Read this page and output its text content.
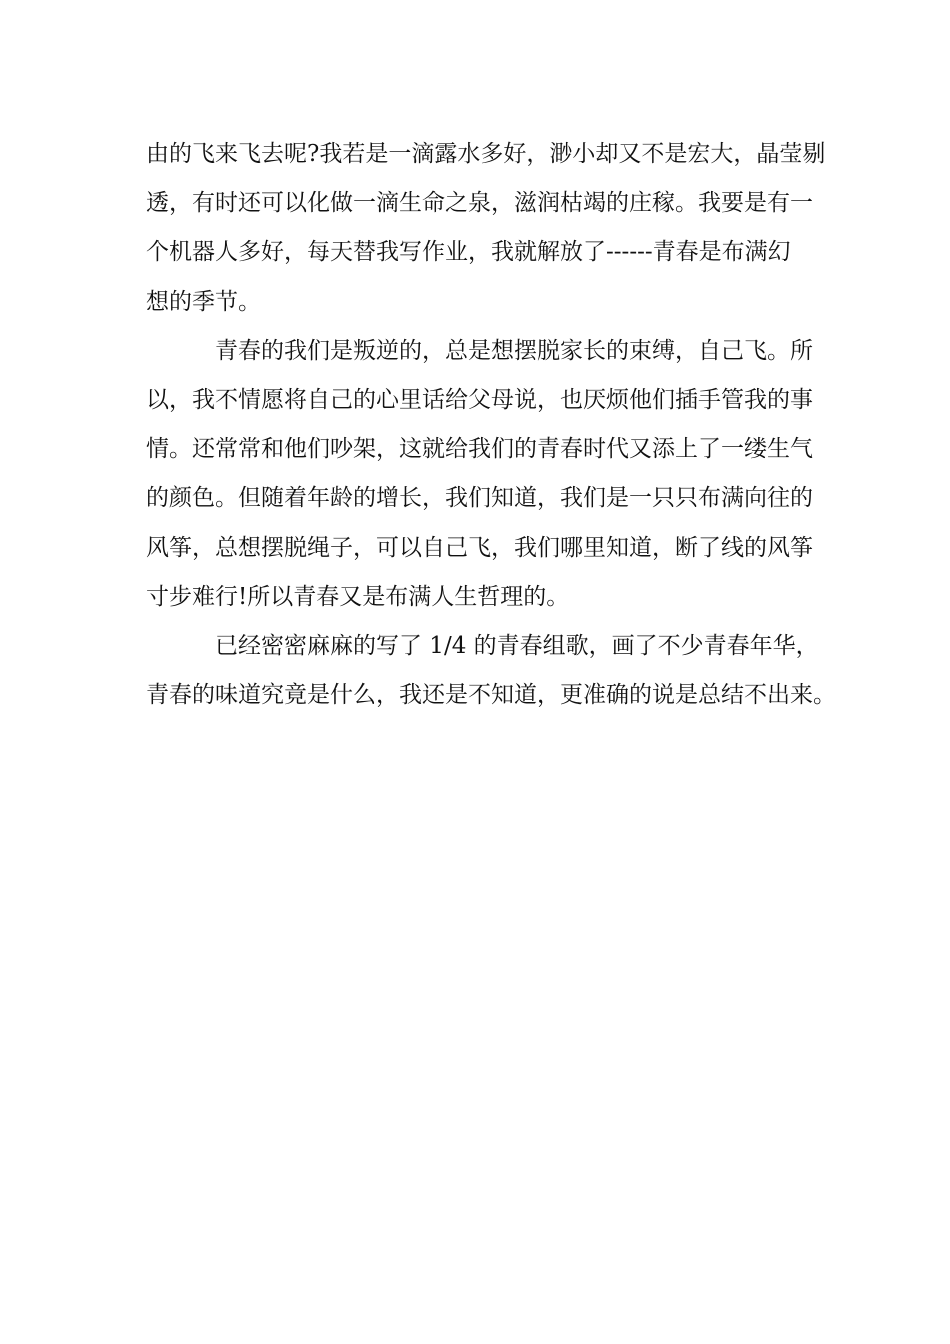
由的飞来飞去呢?我若是一滴露水多好，渺小却又不是宏大，晶莹剔
透，有时还可以化做一滴生命之泉，滋润枯竭的庄稼。我要是有一
个机器人多好，每天替我写作业，我就解放了------青春是布满幻
想的季节。
青春的我们是叛逆的，总是想摆脱家长的束缚，自己飞。所
以，我不情愿将自己的心里话给父母说，也厌烦他们插手管我的事
情。还常常和他们吵架，这就给我们的青春时代又添上了一缕生气
的颜色。但随着年龄的增长，我们知道，我们是一只只布满向往的
风筝，总想摆脱绳子，可以自己飞，我们哪里知道，断了线的风筝
寸步难行!所以青春又是布满人生哲理的。
已经密密麻麻的写了 1/4 的青春组歌，画了不少青春年华，
青春的味道究竟是什么，我还是不知道，更准确的说是总结不出来。
